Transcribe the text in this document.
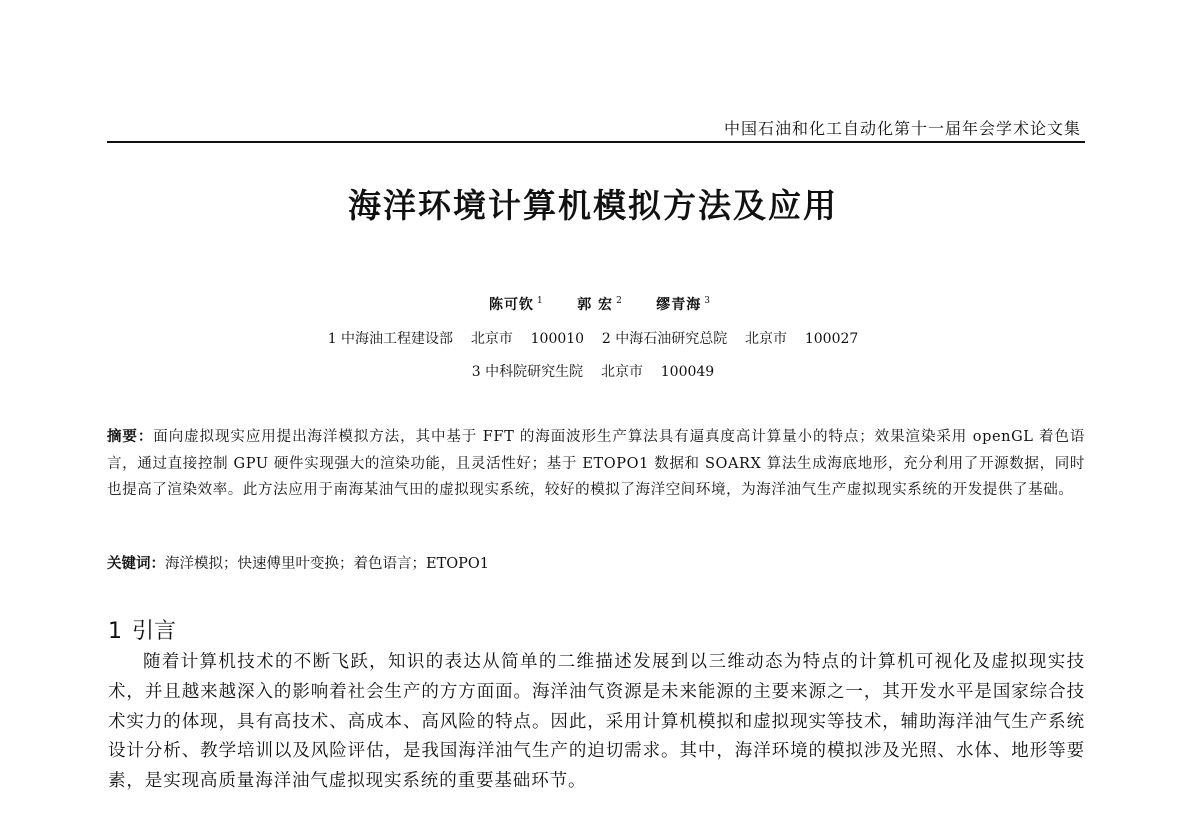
中国石油和化工自动化第十一届年会学术论文集
海洋环境计算机模拟方法及应用
陈可钦 $^1$ 郭 宏 $^2$ 缪青海 $^3$
1 中海油工程建设部    北京市    100010    2 中海石油研究总院    北京市    100027
3 中科院研究生院    北京市    100049
摘要：面向虚拟现实应用提出海洋模拟方法，其中基于 FFT 的海面波形生产算法具有逼真度高计算量小的特点；效果渲染采用 openGL 着色语言，通过直接控制 GPU 硬件实现强大的渲染功能，且灵活性好；基于 ETOPO1 数据和 SOARX 算法生成海底地形，充分利用了开源数据，同时也提高了渲染效率。此方法应用于南海某油气田的虚拟现实系统，较好的模拟了海洋空间环境，为海洋油气生产虚拟现实系统的开发提供了基础。
关键词：海洋模拟；快速傅里叶变换；着色语言；ETOPO1
1 引言
随着计算机技术的不断飞跃，知识的表达从简单的二维描述发展到以三维动态为特点的计算机可视化及虚拟现实技术，并且越来越深入的影响着社会生产的方方面面。海洋油气资源是未来能源的主要来源之一，其开发水平是国家综合技术实力的体现，具有高技术、高成本、高风险的特点。因此，采用计算机模拟和虚拟现实等技术，辅助海洋油气生产系统设计分析、教学培训以及风险评估，是我国海洋油气生产的迫切需求。其中，海洋环境的模拟涉及光照、水体、地形等要素，是实现高质量海洋油气虚拟现实系统的重要基础环节。
